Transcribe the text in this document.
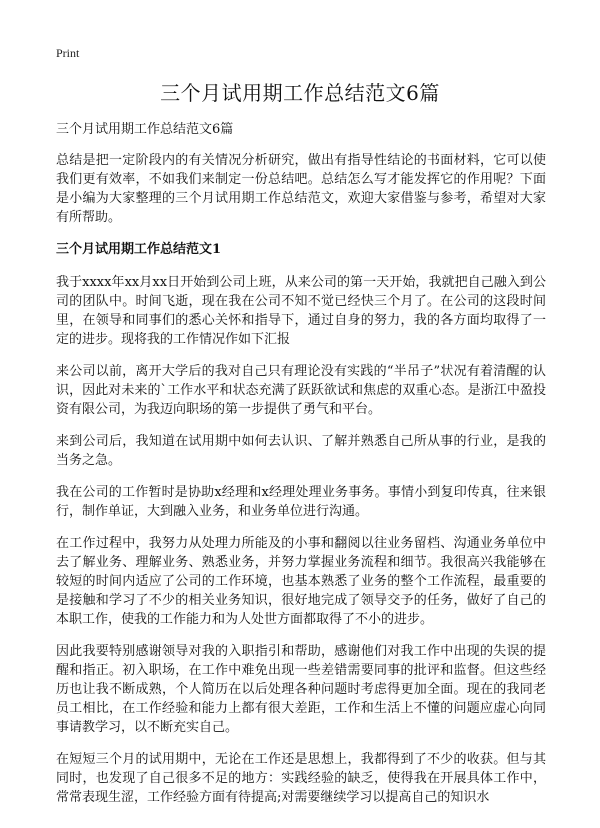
Print
三个月试用期工作总结范文6篇

三个月试用期工作总结范文6篇

总结是把一定阶段内的有关情况分析研究，做出有指导性结论的书面材料，它可以使我们更有效率，不如我们来制定一份总结吧。总结怎么写才能发挥它的作用呢？下面是小编为大家整理的三个月试用期工作总结范文，欢迎大家借鉴与参考，希望对大家有所帮助。

三个月试用期工作总结范文1

我于xxxx年xx月xx日开始到公司上班，从来公司的第一天开始，我就把自己融入到公司的团队中。时间飞逝，现在我在公司不知不觉已经快三个月了。在公司的这段时间里，在领导和同事们的悉心关怀和指导下，通过自身的努力，我的各方面均取得了一定的进步。现将我的工作情况作如下汇报

来公司以前，离开大学后的我对自己只有理论没有实践的“半吊子”状况有着清醒的认识，因此对未来的`工作水平和状态充满了跃跃欲试和焦虑的双重心态。是浙江中盈投资有限公司，为我迈向职场的第一步提供了勇气和平台。

来到公司后，我知道在试用期中如何去认识、了解并熟悉自己所从事的行业，是我的当务之急。

我在公司的工作暂时是协助x经理和x经理处理业务事务。事情小到复印传真，往来银行，制作单证，大到融入业务，和业务单位进行沟通。

在工作过程中，我努力从处理力所能及的小事和翻阅以往业务留档、沟通业务单位中去了解业务、理解业务、熟悉业务，并努力掌握业务流程和细节。我很高兴我能够在较短的时间内适应了公司的工作环境，也基本熟悉了业务的整个工作流程，最重要的是接触和学习了不少的相关业务知识，很好地完成了领导交予的任务，做好了自己的本职工作，使我的工作能力和为人处世方面都取得了不小的进步。

因此我要特别感谢领导对我的入职指引和帮助，感谢他们对我工作中出现的失误的提醒和指正。初入职场，在工作中难免出现一些差错需要同事的批评和监督。但这些经历也让我不断成熟，个人简历在以后处理各种问题时考虑得更加全面。现在的我同老员工相比，在工作经验和能力上都有很大差距，工作和生活上不懂的问题应虚心向同事请教学习，以不断充实自己。

在短短三个月的试用期中，无论在工作还是思想上，我都得到了不少的收获。但与其同时，也发现了自己很多不足的地方：实践经验的缺乏，使得我在开展具体工作中，常常表现生涩，工作经验方面有待提高;对需要继续学习以提高自己的知识水
